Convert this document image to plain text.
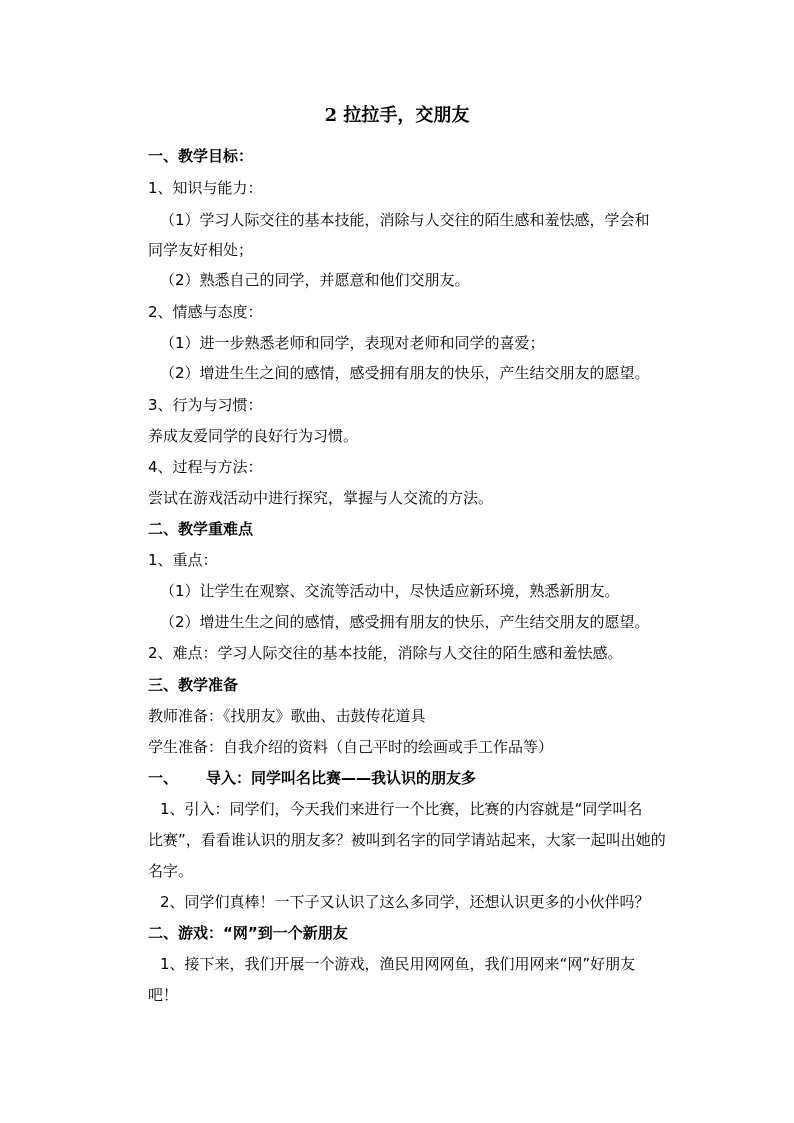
2 拉拉手，交朋友
一、教学目标：
1、知识与能力：
（1）学习人际交往的基本技能，消除与人交往的陌生感和羞怯感，学会和
同学友好相处；
（2）熟悉自己的同学，并愿意和他们交朋友。
2、情感与态度：
（1）进一步熟悉老师和同学，表现对老师和同学的喜爱；
（2）增进生生之间的感情，感受拥有朋友的快乐，产生结交朋友的愿望。
3、行为与习惯：
养成友爱同学的良好行为习惯。
4、过程与方法：
尝试在游戏活动中进行探究，掌握与人交流的方法。
二、教学重难点
1、重点：
（1）让学生在观察、交流等活动中，尽快适应新环境，熟悉新朋友。
（2）增进生生之间的感情，感受拥有朋友的快乐，产生结交朋友的愿望。
2、难点：学习人际交往的基本技能，消除与人交往的陌生感和羞怯感。
三、教学准备
教师准备：《找朋友》歌曲、击鼓传花道具
学生准备：自我介绍的资料（自己平时的绘画或手工作品等）
一、 导入：同学叫名比赛——我认识的朋友多
1、引入：同学们，今天我们来进行一个比赛，比赛的内容就是“同学叫名
比赛”，看看谁认识的朋友多？被叫到名字的同学请站起来，大家一起叫出她的
名字。
2、同学们真棒！一下子又认识了这么多同学，还想认识更多的小伙伴吗？
二、游戏：“网”到一个新朋友
1、接下来，我们开展一个游戏，渔民用网网鱼，我们用网来“网”好朋友
吧！
